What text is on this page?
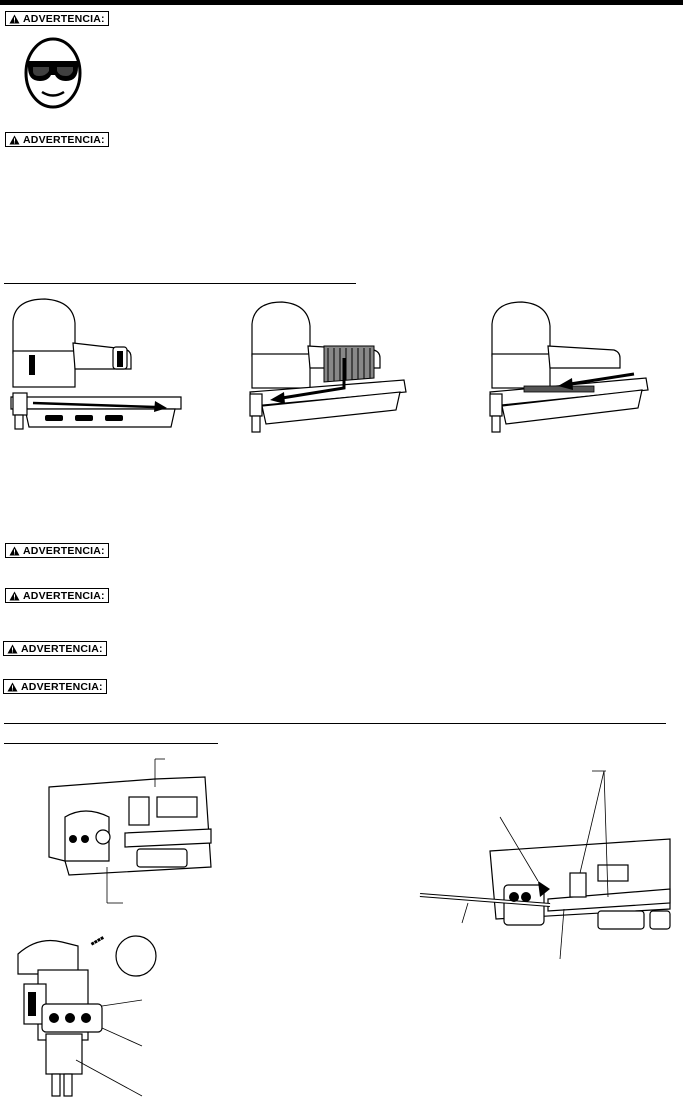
ADVERTENCIA:
ADVERTENCIA:
ADVERTENCIA:
ADVERTENCIA:
ADVERTENCIA:
ADVERTENCIA:
■■■■
